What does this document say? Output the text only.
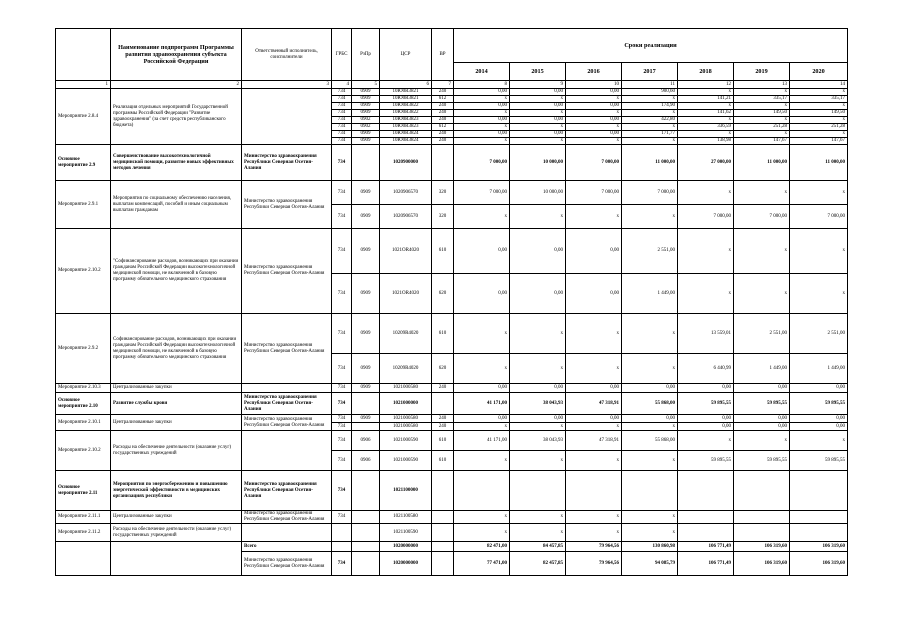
	Наименование подпрограмм Программы развития здравоохранения субъекта Российской Федерации	Ответственный исполнитель, соисполнители	ГРБС	РзПр	ЦСР	ВР	Сроки реализации						
							2014	2015	2016	2017	2018	2019	2020
1	2	3	4	5	6	7	8	9	10	11	12	13	14
Мероприятие 2.8.4	Реализация отдельных мероприятий Государственной программы Российской Федерации "Развитие здравоохранения" (за счет средств республиканского бюджета)		734	0909	10Ю0R3821	240	0,00	0,00	0,00	900,60	x	x	x
			734	0909	10Ю0R3821	612	x	x	x	x	141,21	335,17	335,17
			734	0909	10Ю0R3822	240	0,00	0,00	0,00	174,90	x	x	x
			734	0909	10Ю0R3822	240	x	x	x	x	141,62	149,50	149,50
			734	0902	10Ю0R3823	240	0,00	0,00	0,00	422,80	x	x	x
			734	0902	10Ю0R3823	612	x	x	x	x	336,59	251,28	251,28
			734	0909	10Ю0R3824	240	0,00	0,00	0,00	171,77	x	x	x
			734	0909	10Ю0R3824	240	x	x	x	x	138,98	147,67	147,67
Основное мероприятие 2.9	Совершенствование высокотехнологичной медицинской помощи, развитие новых эффективных методов лечения	Министерство здравоохранения Республики Северная Осетия-Алания	734		1020900000		7 000,00	10 000,00	7 000,00	11 000,00	27 000,00	11 000,00	11 000,00
Мероприятие 2.9.1	Мероприятия по социальному обеспечению населения, выплатам компенсаций, пособий и иным социальным выплатам гражданам	Министерство здравоохранения Республики Северная Осетия-Алания	734	0909	1020906570	320	7 000,00	10 000,00	7 000,00	7 000,00	x	x	x
			734	0909	1020906570	320	x	x	x	x	7 000,00	7 000,00	7 000,00
Мероприятие 2.10.2	"Софинансирование расходов, возникающих при оказании гражданам Российской Федерации высокотехнологичной медицинской помощи, не включенной в базовую программу обязательного медицинского страхования	Министерство здравоохранения Республики Северная Осетия-Алания	734	0909	1021ОR4020	610	0,00	0,00	0,00	2 551,00	x	x	x
			734	0909	1021ОR4020	620	0,00	0,00	0,00	1 449,00	x	x	x
Мероприятие 2.9.2	Софинансирование расходов, возникающих при оказании гражданам Российской Федерации высокотехнологичной медицинской помощи, не включенной в базовую программу обязательного медицинского страхования	Министерство здравоохранения Республики Северная Осетия-Алания	734	0909	10209R4020	610	x	x	x	x	13 559,01	2 551,00	2 551,00
			734	0909	10209R4020	620	x	x	x	x	6 440,99	1 449,00	1 449,00
Мероприятие 2.10.3	Централизованные закупки		734	0909	1021000580	240	0,00	0,00	0,00	0,00	0,00	0,00	0,00
Основное мероприятие 2.10	Развитие службы крови	Министерство здравоохранения Республики Северная Осетия-Алания	734		1021000000		41 171,00	38 043,93	47 318,91	55 868,00	59 895,55	59 895,55	59 895,55
Мероприятие 2.10.1	Централизованные закупки	Министерство здравоохранения Республики Северная Осетия-Алания	734	0909	1021000580	240	0,00	0,00	0,00	0,00	0,00	0,00	0,00
			734		1021000580	240	x	x	x	x	0,00	0,00	0,00
Мероприятие 2.10.2	Расходы на обеспечение деятельности (оказание услуг) государственных учреждений		734	0906	1021000590	610	41 171,00	38 043,93	47 318,91	55 868,00	x	x	x
			734	0906	1021000590	610	x	x	x	x	59 895,55	59 895,55	59 895,55
Основное мероприятие 2.11	Мероприятия по энергосбережению и повышению энергетической эффективности в медицинских организациях республики	Министерство здравоохранения Республики Северная Осетия-Алания	734		1021100000								
Мероприятие 2.11.1	Централизованные закупки	Министерство здравоохранения Республики Северная Осетия-Алания	734		1021100580		x	x	x	x			
Мероприятие 2.11.2	Расходы на обеспечение деятельности (оказание услуг) государственных учреждений				1021100590		x	x	x	x			
		Всего			1020000000		82 471,00	84 457,85	79 964,56	130 860,98	106 771,49	106 319,60	106 319,60
		Министерство здравоохранения Республики Северная Осетия-Алания	734		1020000000		77 471,00	82 457,85	79 964,56	94 085,79	106 771,49	106 319,60	106 319,60
